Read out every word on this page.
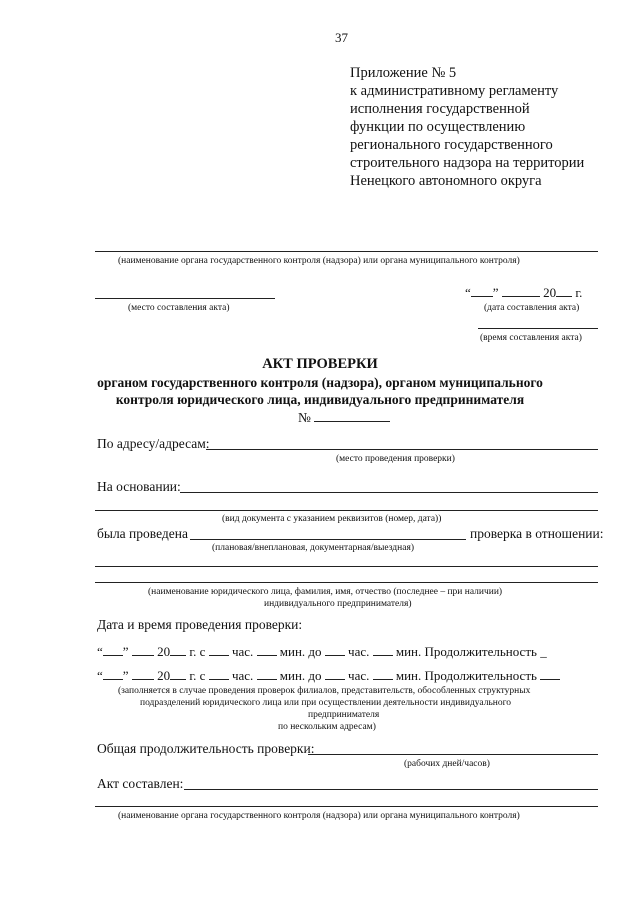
37
Приложение № 5
к административному регламенту
исполнения государственной
функции по осуществлению
регионального государственного
строительного надзора на территории
Ненецкого автономного округа
(наименование органа государственного контроля (надзора) или органа муниципального контроля)
(место составления акта)
“ ”	20 г.
(дата составления акта)
(время составления акта)
АКТ ПРОВЕРКИ
органом государственного контроля (надзора), органом муниципального
контроля юридического лица, индивидуального предпринимателя
№
По адресу/адресам:
(место проведения проверки)
На основании:
(вид документа с указанием реквизитов (номер, дата))
была проведена	проверка в отношении:
(плановая/внеплановая, документарная/выездная)
(наименование юридического лица, фамилия, имя, отчество (последнее – при наличии)
индивидуального предпринимателя)
Дата и время проведения проверки:
“ ” 20 г. с час. мин. до час. мин. Продолжительность _
“ ” 20 г. с час. мин. до час. мин. Продолжительность
(заполняется в случае проведения проверок филиалов, представительств, обособленных структурных
подразделений юридического лица или при осуществлении деятельности индивидуального
предпринимателя
по нескольким адресам)
Общая продолжительность проверки:
(рабочих дней/часов)
Акт составлен:
(наименование органа государственного контроля (надзора) или органа муниципального контроля)
